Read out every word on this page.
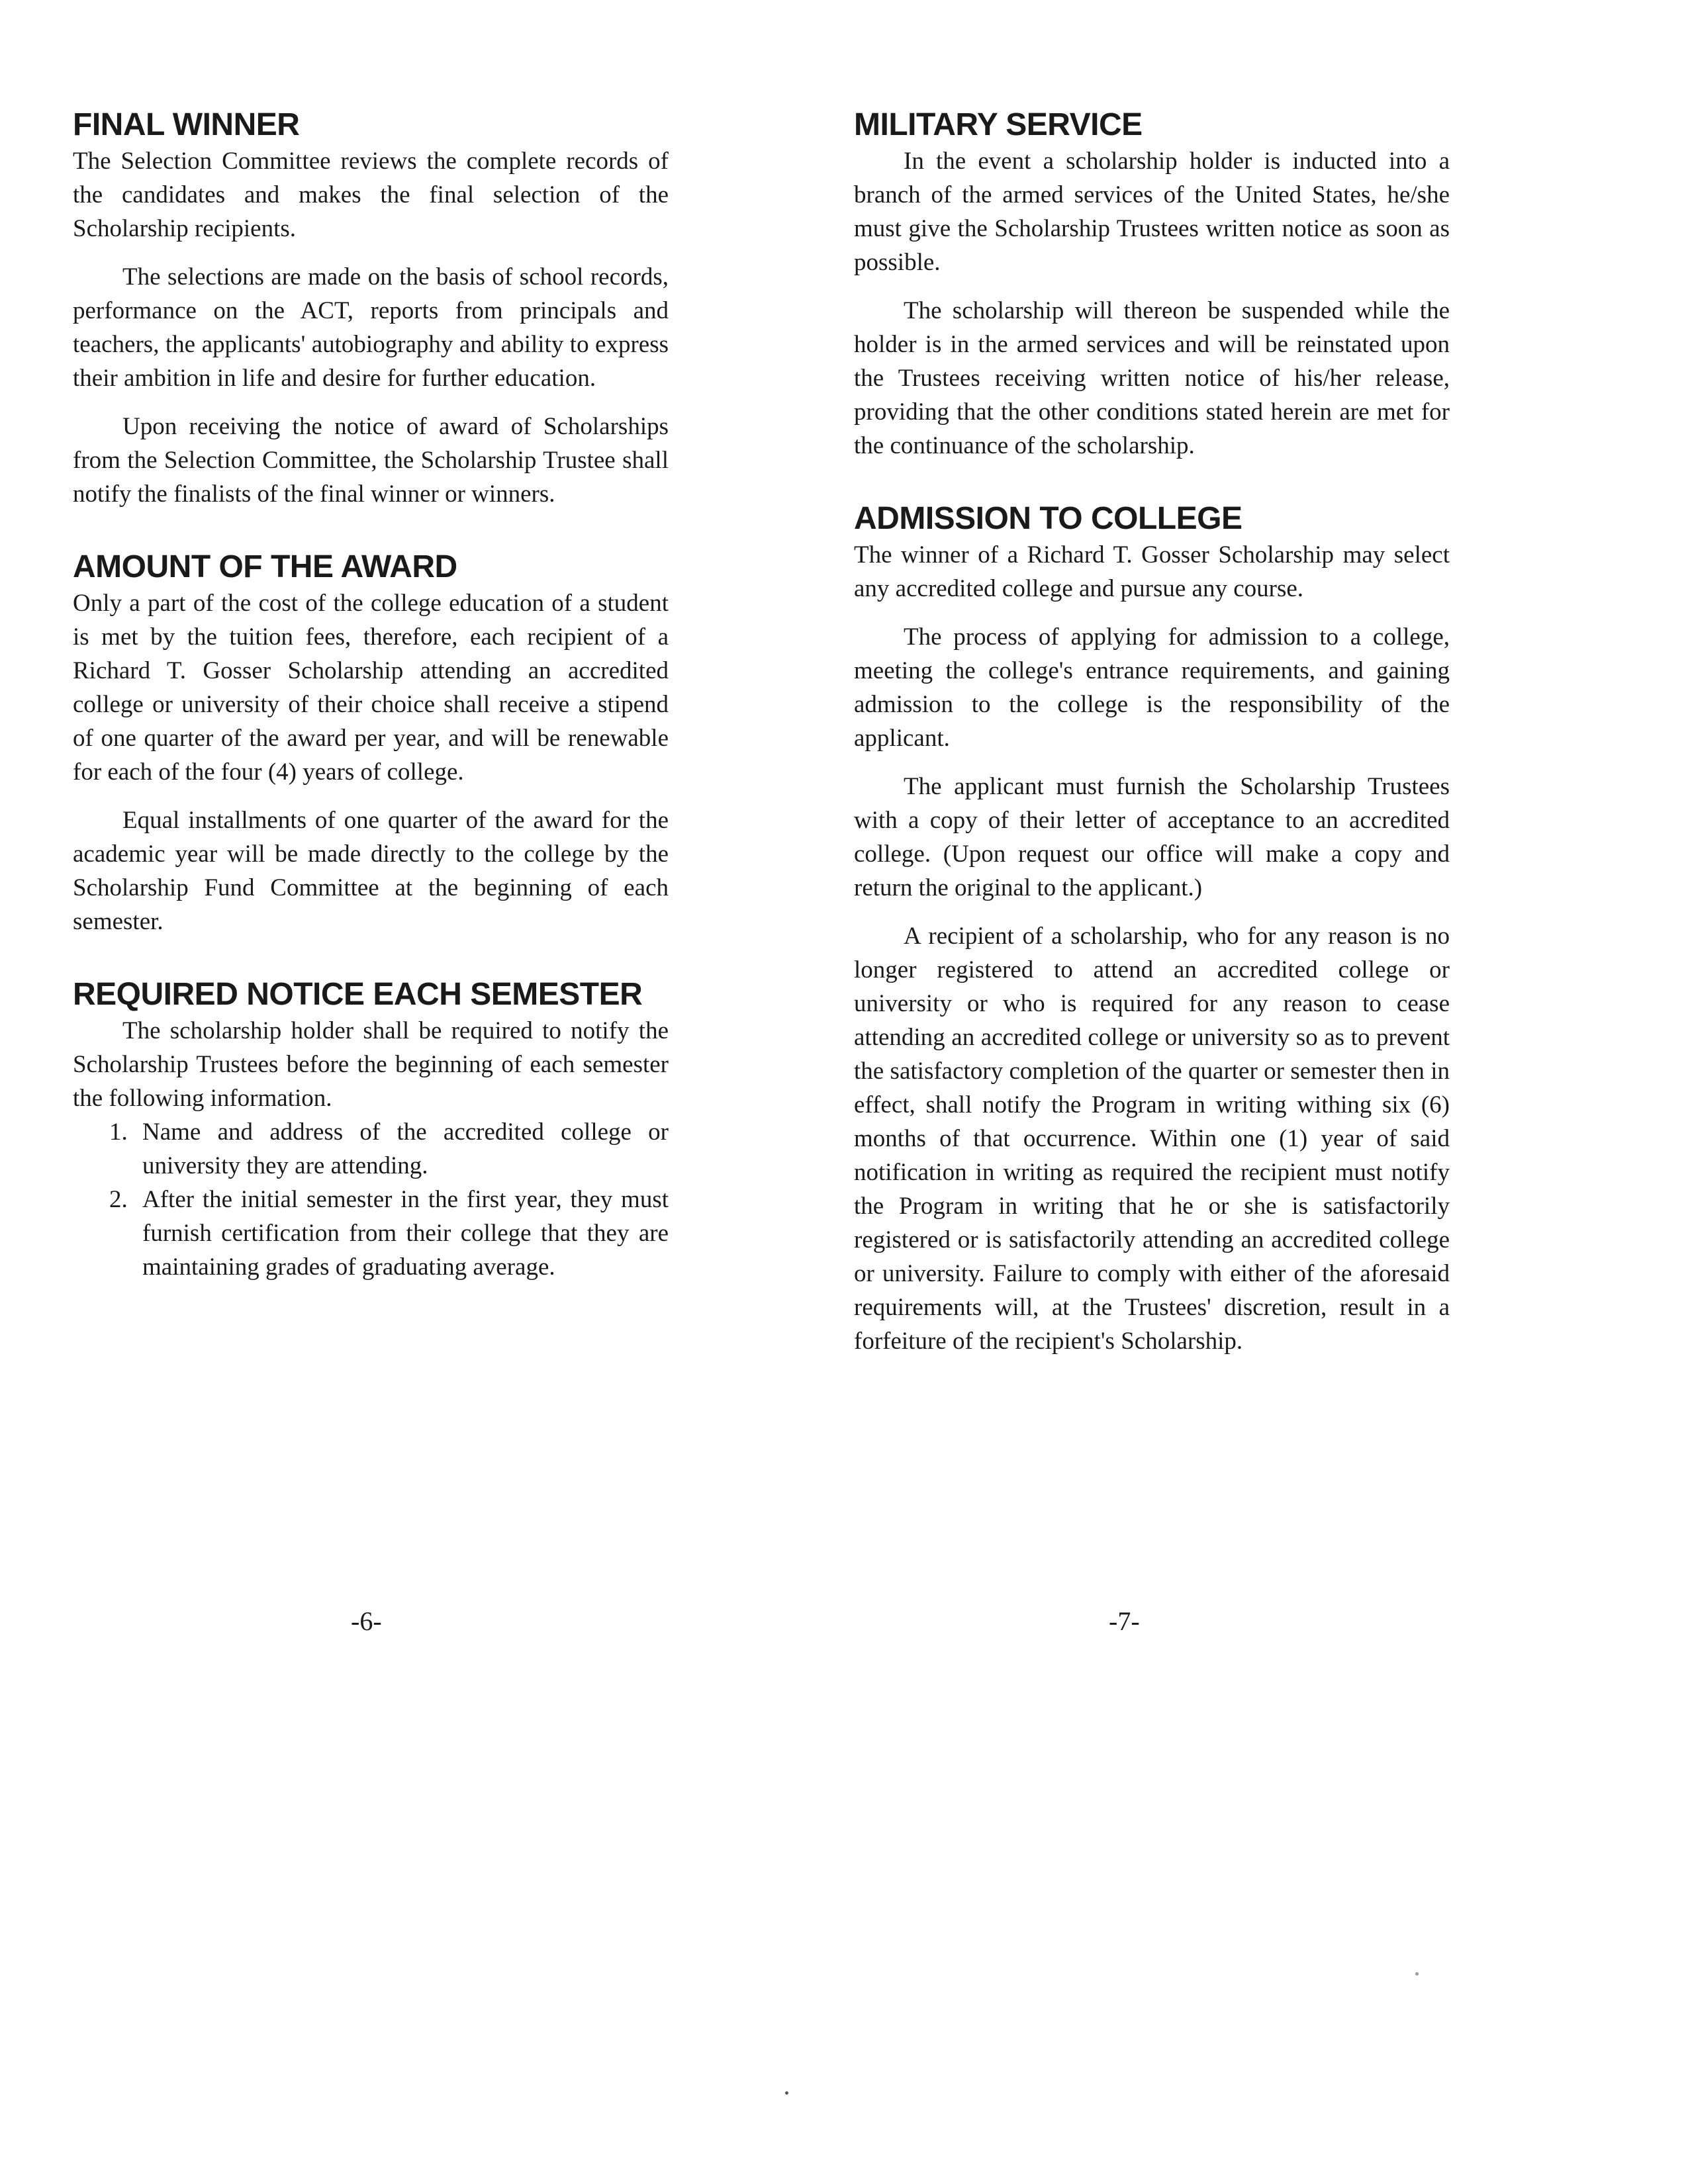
FINAL WINNER

The Selection Committee reviews the complete records of the candidates and makes the final selection of the Scholarship recipients.

The selections are made on the basis of school records, performance on the ACT, reports from principals and teachers, the applicants' autobiography and ability to express their ambition in life and desire for further education.

Upon receiving the notice of award of Scholarships from the Selection Committee, the Scholarship Trustee shall notify the finalists of the final winner or winners.

AMOUNT OF THE AWARD

Only a part of the cost of the college education of a student is met by the tuition fees, therefore, each recipient of a Richard T. Gosser Scholarship attending an accredited college or university of their choice shall receive a stipend of one quarter of the award per year, and will be renewable for each of the four (4) years of college.

Equal installments of one quarter of the award for the academic year will be made directly to the college by the Scholarship Fund Committee at the beginning of each semester.

REQUIRED NOTICE EACH SEMESTER

The scholarship holder shall be required to notify the Scholarship Trustees before the beginning of each semester the following information.

1. Name and address of the accredited college or university they are attending.
2. After the initial semester in the first year, they must furnish certification from their college that they are maintaining grades of graduating average.
-6-
MILITARY SERVICE

In the event a scholarship holder is inducted into a branch of the armed services of the United States, he/she must give the Scholarship Trustees written notice as soon as possible.

The scholarship will thereon be suspended while the holder is in the armed services and will be reinstated upon the Trustees receiving written notice of his/her release, providing that the other conditions stated herein are met for the continuance of the scholarship.

ADMISSION TO COLLEGE

The winner of a Richard T. Gosser Scholarship may select any accredited college and pursue any course.

The process of applying for admission to a college, meeting the college's entrance requirements, and gaining admission to the college is the responsibility of the applicant.

The applicant must furnish the Scholarship Trustees with a copy of their letter of acceptance to an accredited college. (Upon request our office will make a copy and return the original to the applicant.)

A recipient of a scholarship, who for any reason is no longer registered to attend an accredited college or university or who is required for any reason to cease attending an accredited college or university so as to prevent the satisfactory completion of the quarter or semester then in effect, shall notify the Program in writing withing six (6) months of that occurrence. Within one (1) year of said notification in writing as required the recipient must notify the Program in writing that he or she is satisfactorily registered or is satisfactorily attending an accredited college or university. Failure to comply with either of the aforesaid requirements will, at the Trustees' discretion, result in a forfeiture of the recipient's Scholarship.

-7-
